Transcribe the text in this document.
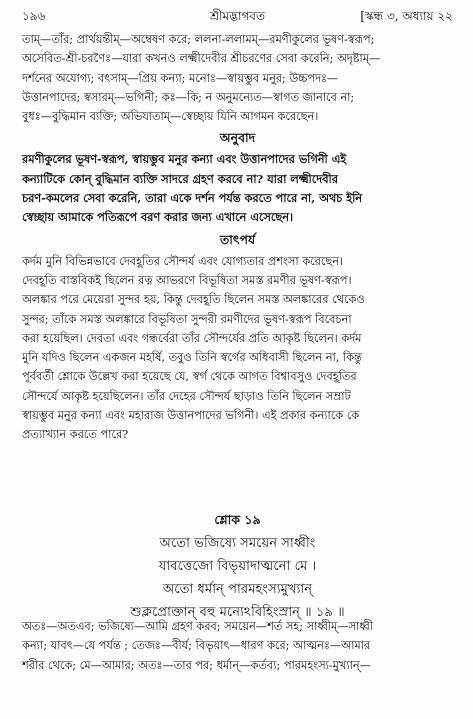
১৯৬	শ্রীমদ্ভাগবত	[স্কন্ধ ৩, অধ্যায় ২২

তাম্—তাঁর; প্রার্থয়ন্তীম্—অম্বেষণ করে; ললনা-ললামম্—রমণীকুলের ভূষণ-স্বরূপ;

অসেবিত-শ্রী-চরণৈঃ—যারা কখনও লক্ষ্মীদেবীর শ্রীচরণের সেবা করেনি; অদৃষ্টাম্—

দর্শনের অযোগ্য; বৎসাম্—প্রিয় কন্যা; মনোঃ—স্বায়ম্ভুব মনুর; উচ্চপদঃ—

উত্তানপাদের; স্বসারম্—ভগিনী; কঃ—কি; ন অনুমন্যেত—স্বাগত জানাবে না;

বুধঃ—বুদ্ধিমান ব্যক্তি; অভিযাতাম্—স্বেচ্ছায় যিনি আগমন করেছেন।

অনুবাদ

রমণীকুলের ভূষণ-স্বরূপ, স্বায়ম্ভুব মনুর কন্যা এবং উত্তানপাদের ভগিনী এই

কন্যাটিকে কোন্ বুদ্ধিমান ব্যক্তি সাদরে গ্রহণ করবে না? যারা লক্ষ্মীদেবীর

চরণ-কমলের সেবা করেনি, তারা একে দর্শন পর্যন্ত করতে পারে না, অথচ ইনি

স্বেচ্ছায় আমাকে পতিরূপে বরণ করার জন্য এখানে এসেছেন।

তাৎপর্য

কর্দম মুনি বিভিন্নভাবে দেবহূতির সৌন্দর্য এবং যোগ্যতার প্রশংসা করেছেন।

দেবহূতি বাস্তবিকই ছিলেন রত্ন আভরণে বিভূষিতা সমস্ত রমণীর ভূষণ-স্বরূপ।

অলঙ্কার পরে মেয়েরা সুন্দর হয়, কিন্তু দেবহূতি ছিলেন সমস্ত অলঙ্কারের থেকেও

সুন্দর; তাঁকে সমস্ত অলঙ্কারে বিভূষিতা সুন্দরী রমণীদের ভূষণ-স্বরূপ বিবেচনা

করা হয়েছিল। দেবতা এবং গন্ধর্বেরা তাঁর সৌন্দর্যের প্রতি আকৃষ্ট ছিলেন। কর্দম

মুনি যদিও ছিলেন একজন মহর্ষি, তবুও তিনি স্বর্গের অধিবাসী ছিলেন না, কিন্তু

পূর্ববর্তী শ্লোকে উল্লেখ করা হয়েছে যে, স্বর্গ থেকে আগত বিশ্বাবসুও দেবহূতির

সৌন্দর্যে আকৃষ্ট হয়েছিলেন। তাঁর দেহের সৌন্দর্য ছাড়াও তিনি ছিলেন সম্রাট

স্বায়ম্ভুব মনুর কন্যা এবং মহারাজ উত্তানপাদের ভগিনী। এই প্রকার কন্যাকে কে

প্রত্যাখ্যান করতে পারে?

শ্লোক ১৯

অতো ভজিষ্যে সময়েন সাধ্বীং

যাবত্তেজো বিভৃয়াদাত্মনো মে ।

অতো ধর্মান্ পারমহংস্যমুখ্যান্

শুক্লপ্রোক্তান্ বহু মন্যেঽবিহিংস্রান্ ॥ ১৯ ॥

অতঃ—অতএব; ভজিষ্যে—আমি গ্রহণ করব; সময়েন—শর্ত সহ; সাধ্বীম্—সাধ্বী

কন্যা; যাবৎ—যে পর্যন্ত ; তেজঃ—বীর্য; বিভৃয়াৎ—ধারণ করে; আত্মনঃ—আমার

শরীর থেকে; মে—আমার; অতঃ—তার পর; ধর্মান্—কর্তব্য; পারমহংস্য-মুখ্যান্—
